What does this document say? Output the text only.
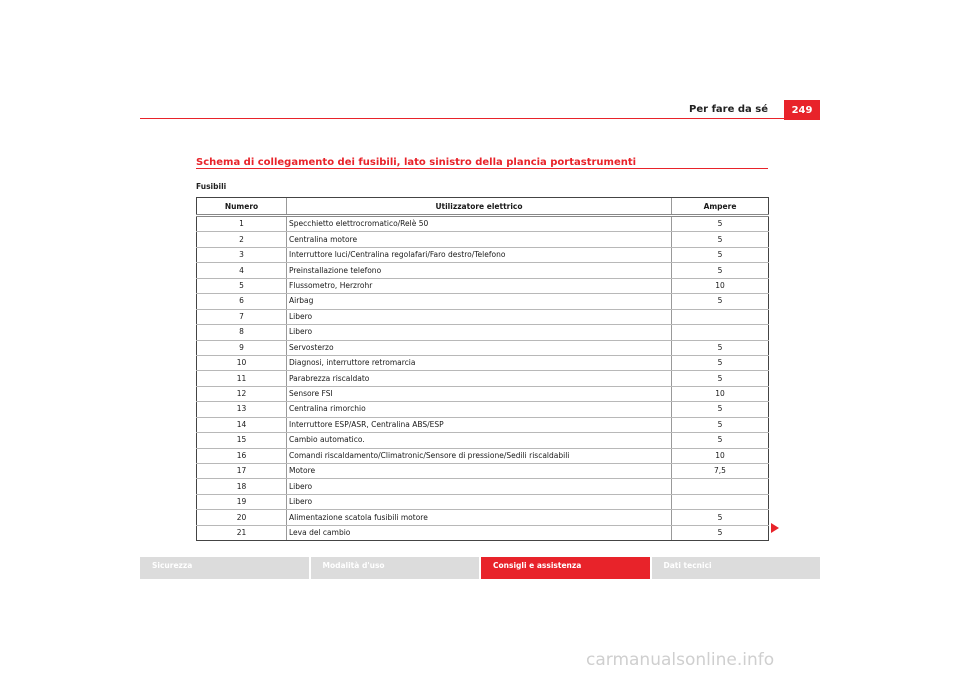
Per fare da sé	249
Schema di collegamento dei fusibili, lato sinistro della plancia portastrumenti
Fusibili
Numero	Utilizzatore elettrico	Ampere
1	Specchietto elettrocromatico/Relè 50	5
2	Centralina motore	5
3	Interruttore luci/Centralina regolafari/Faro destro/Telefono	5
4	Preinstallazione telefono	5
5	Flussometro, Herzrohr	10
6	Airbag	5
7	Libero	
8	Libero	
9	Servosterzo	5
10	Diagnosi, interruttore retromarcia	5
11	Parabrezza riscaldato	5
12	Sensore FSI	10
13	Centralina rimorchio	5
14	Interruttore ESP/ASR, Centralina ABS/ESP	5
15	Cambio automatico.	5
16	Comandi riscaldamento/Climatronic/Sensore di pressione/Sedili riscaldabili	10
17	Motore	7,5
18	Libero	
19	Libero	
20	Alimentazione scatola fusibili motore	5
21	Leva del cambio	5
Sicurezza	Modalità d'uso	Consigli e assistenza	Dati tecnici
carmanualsonline.info
